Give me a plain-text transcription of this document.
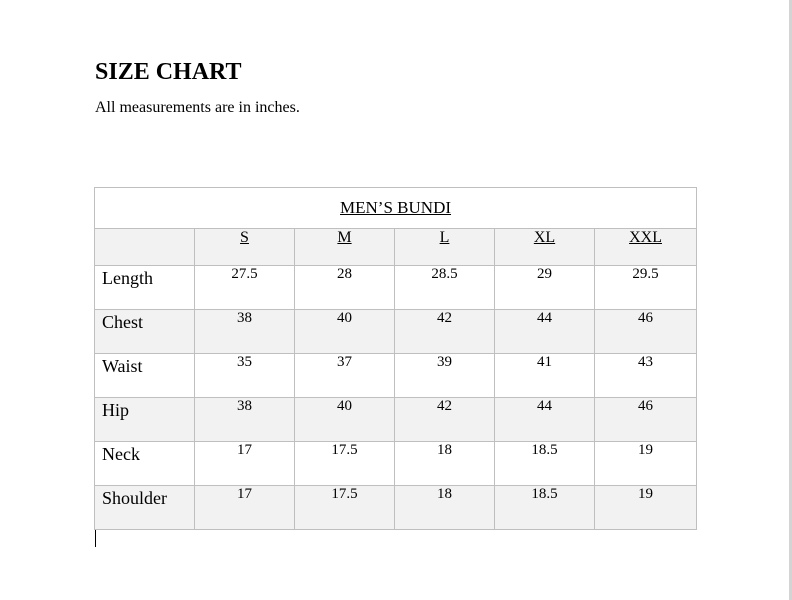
SIZE CHART

All measurements are in inches.

MEN’S BUNDI					
	S	M	L	XL	XXL
Length	27.5	28	28.5	29	29.5
Chest	38	40	42	44	46
Waist	35	37	39	41	43
Hip	38	40	42	44	46
Neck	17	17.5	18	18.5	19
Shoulder	17	17.5	18	18.5	19
